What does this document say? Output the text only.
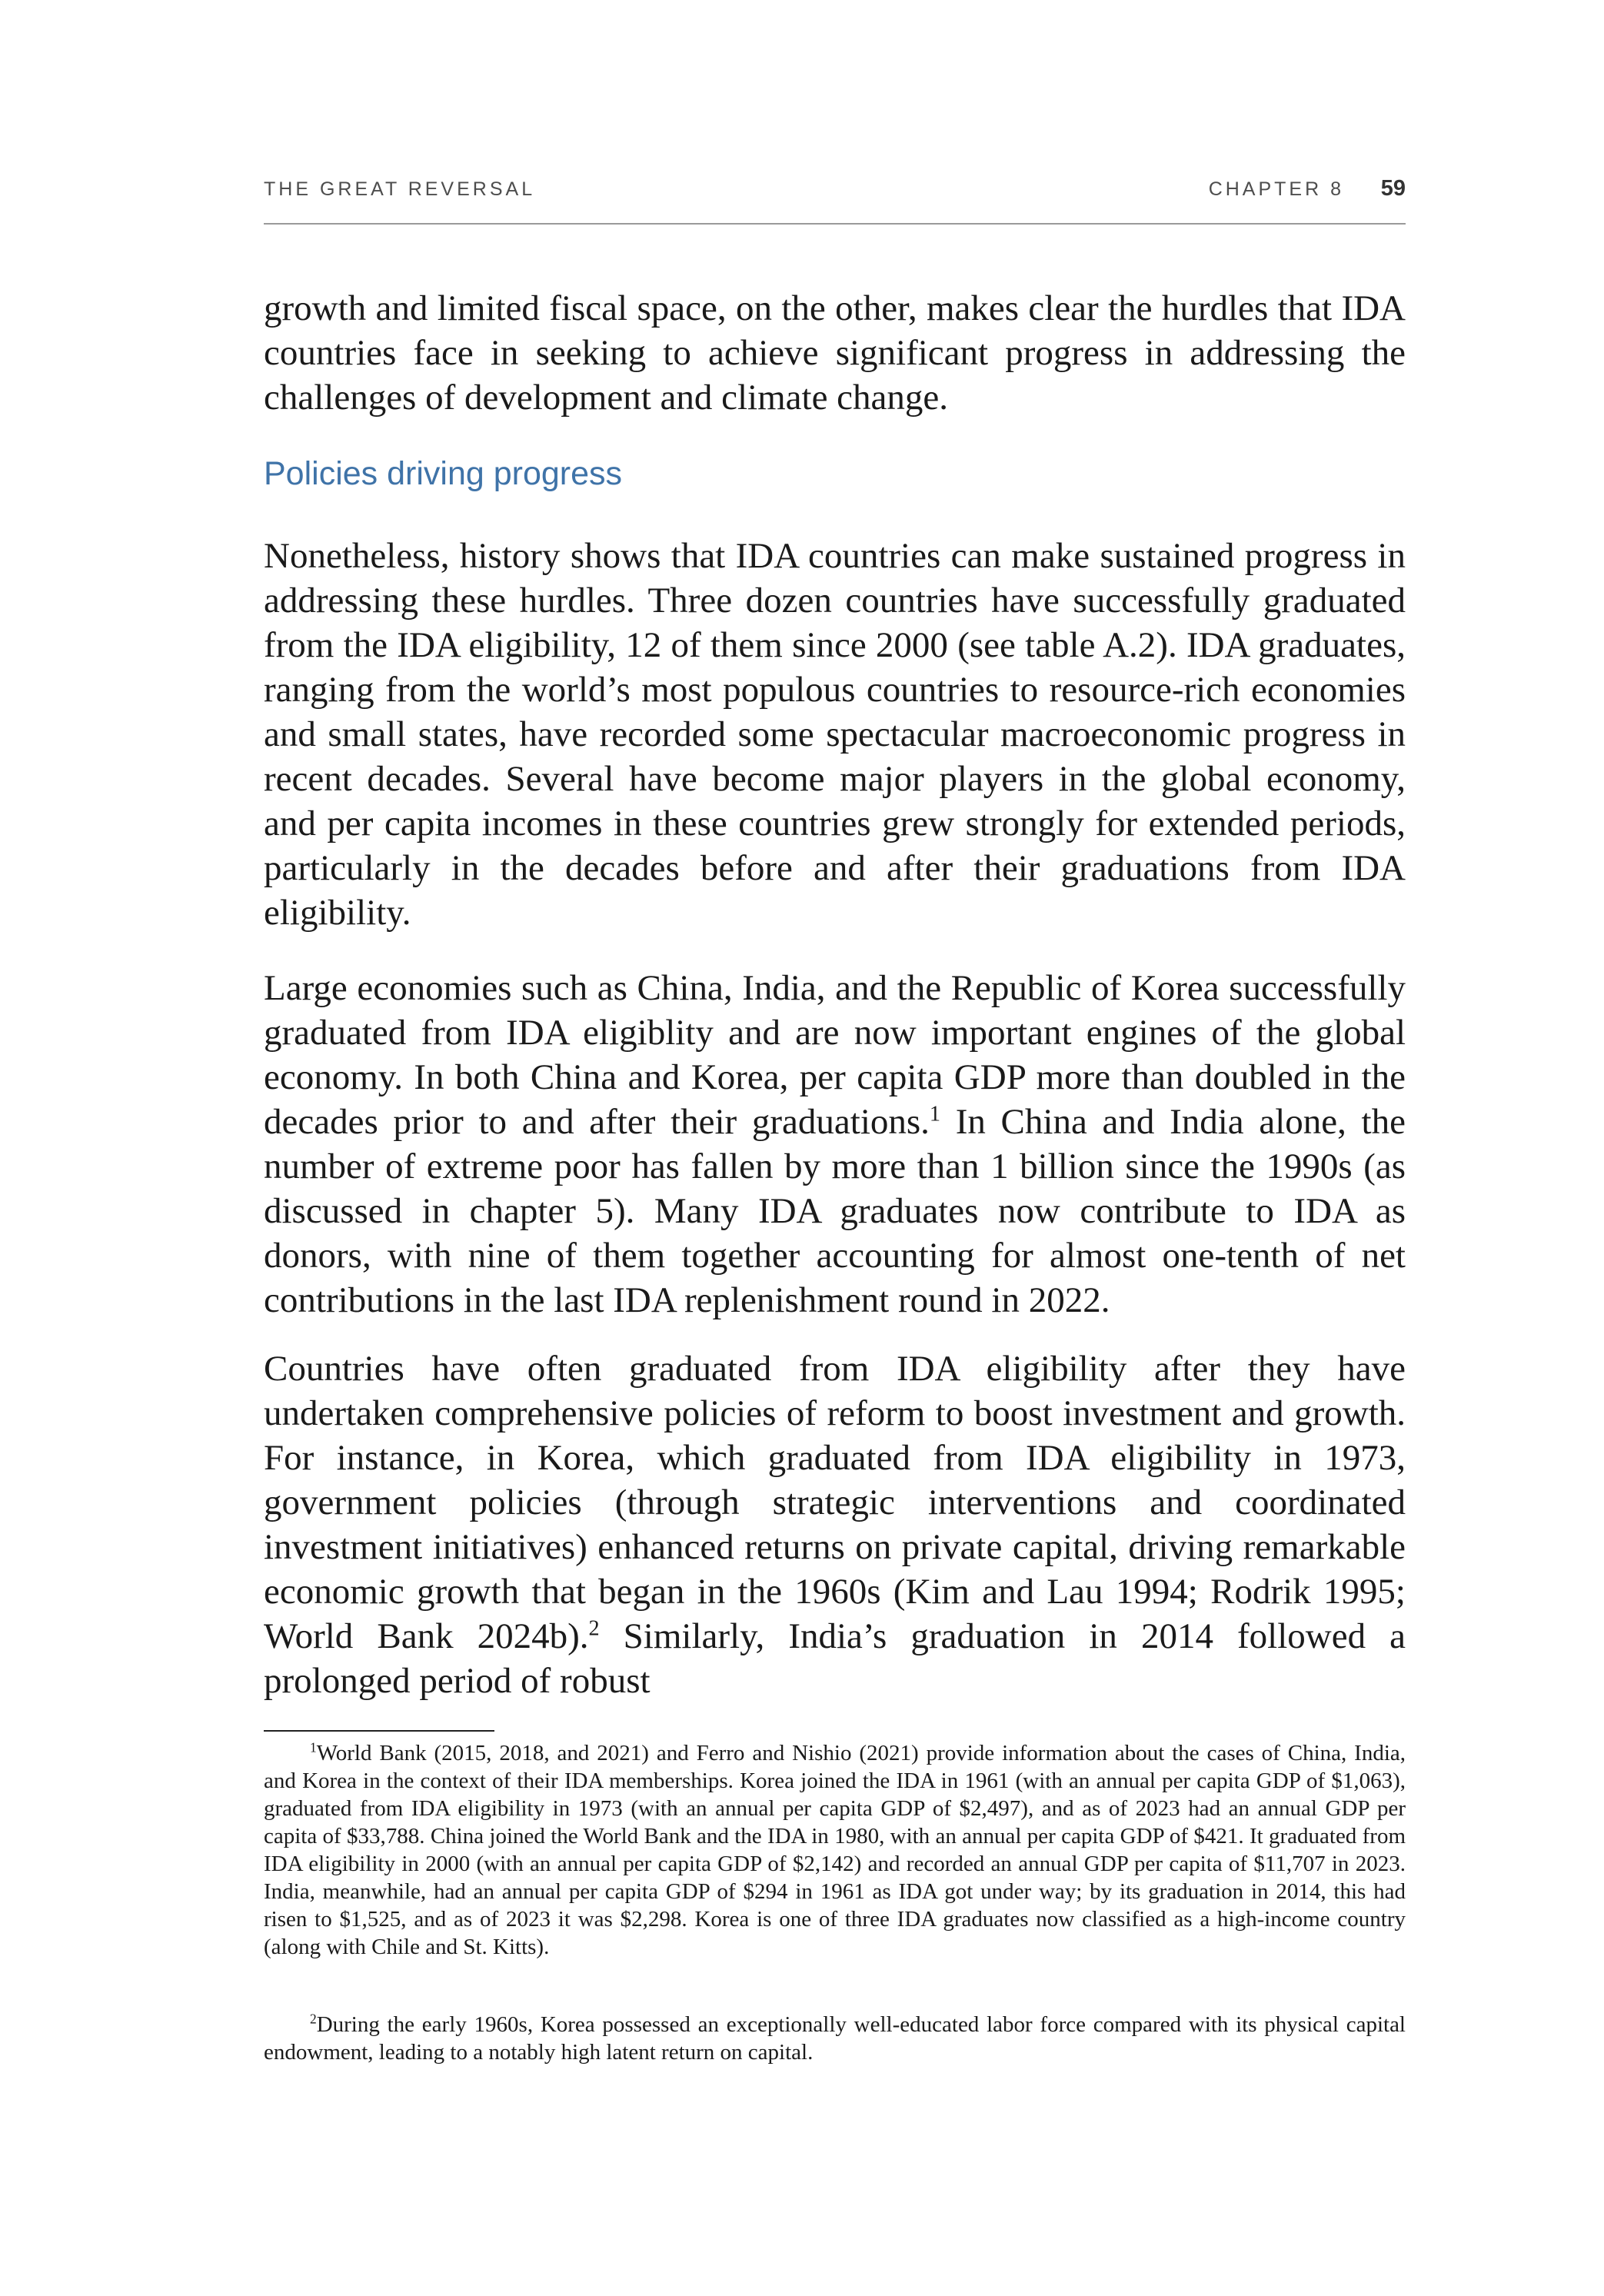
THE GREAT REVERSAL	CHAPTER 8 59

growth and limited fiscal space, on the other, makes clear the hurdles that IDA countries face in seeking to achieve significant progress in addressing the challenges of development and climate change.

Policies driving progress

Nonetheless, history shows that IDA countries can make sustained progress in addressing these hurdles. Three dozen countries have successfully graduated from the IDA eligibility, 12 of them since 2000 (see table A.2). IDA graduates, ranging from the world’s most populous countries to resource-rich economies and small states, have recorded some spectacular macroeconomic progress in recent decades. Several have become major players in the global economy, and per capita incomes in these countries grew strongly for extended periods, particularly in the decades before and after their graduations from IDA eligibility.

Large economies such as China, India, and the Republic of Korea successfully graduated from IDA eligiblity and are now important engines of the global economy. In both China and Korea, per capita GDP more than doubled in the decades prior to and after their graduations.$^1$ In China and India alone, the number of extreme poor has fallen by more than 1 billion since the 1990s (as discussed in chapter 5). Many IDA graduates now contribute to IDA as donors, with nine of them together accounting for almost one-tenth of net contributions in the last IDA replenishment round in 2022.

Countries have often graduated from IDA eligibility after they have undertaken comprehensive policies of reform to boost investment and growth. For instance, in Korea, which graduated from IDA eligibility in 1973, government policies (through strategic interventions and coordinated investment initiatives) enhanced returns on private capital, driving remarkable economic growth that began in the 1960s (Kim and Lau 1994; Rodrik 1995; World Bank 2024b).$^2$ Similarly, India’s graduation in 2014 followed a prolonged period of robust

$^1$World Bank (2015, 2018, and 2021) and Ferro and Nishio (2021) provide information about the cases of China, India, and Korea in the context of their IDA memberships. Korea joined the IDA in 1961 (with an annual per capita GDP of $1,063), graduated from IDA eligibility in 1973 (with an annual per capita GDP of $2,497), and as of 2023 had an annual GDP per capita of $33,788. China joined the World Bank and the IDA in 1980, with an annual per capita GDP of $421. It graduated from IDA eligibility in 2000 (with an annual per capita GDP of $2,142) and recorded an annual GDP per capita of $11,707 in 2023. India, meanwhile, had an annual per capita GDP of $294 in 1961 as IDA got under way; by its graduation in 2014, this had risen to $1,525, and as of 2023 it was $2,298. Korea is one of three IDA graduates now classified as a high-income country (along with Chile and St. Kitts).

$^2$During the early 1960s, Korea possessed an exceptionally well-educated labor force compared with its physical capital endowment, leading to a notably high latent return on capital.
